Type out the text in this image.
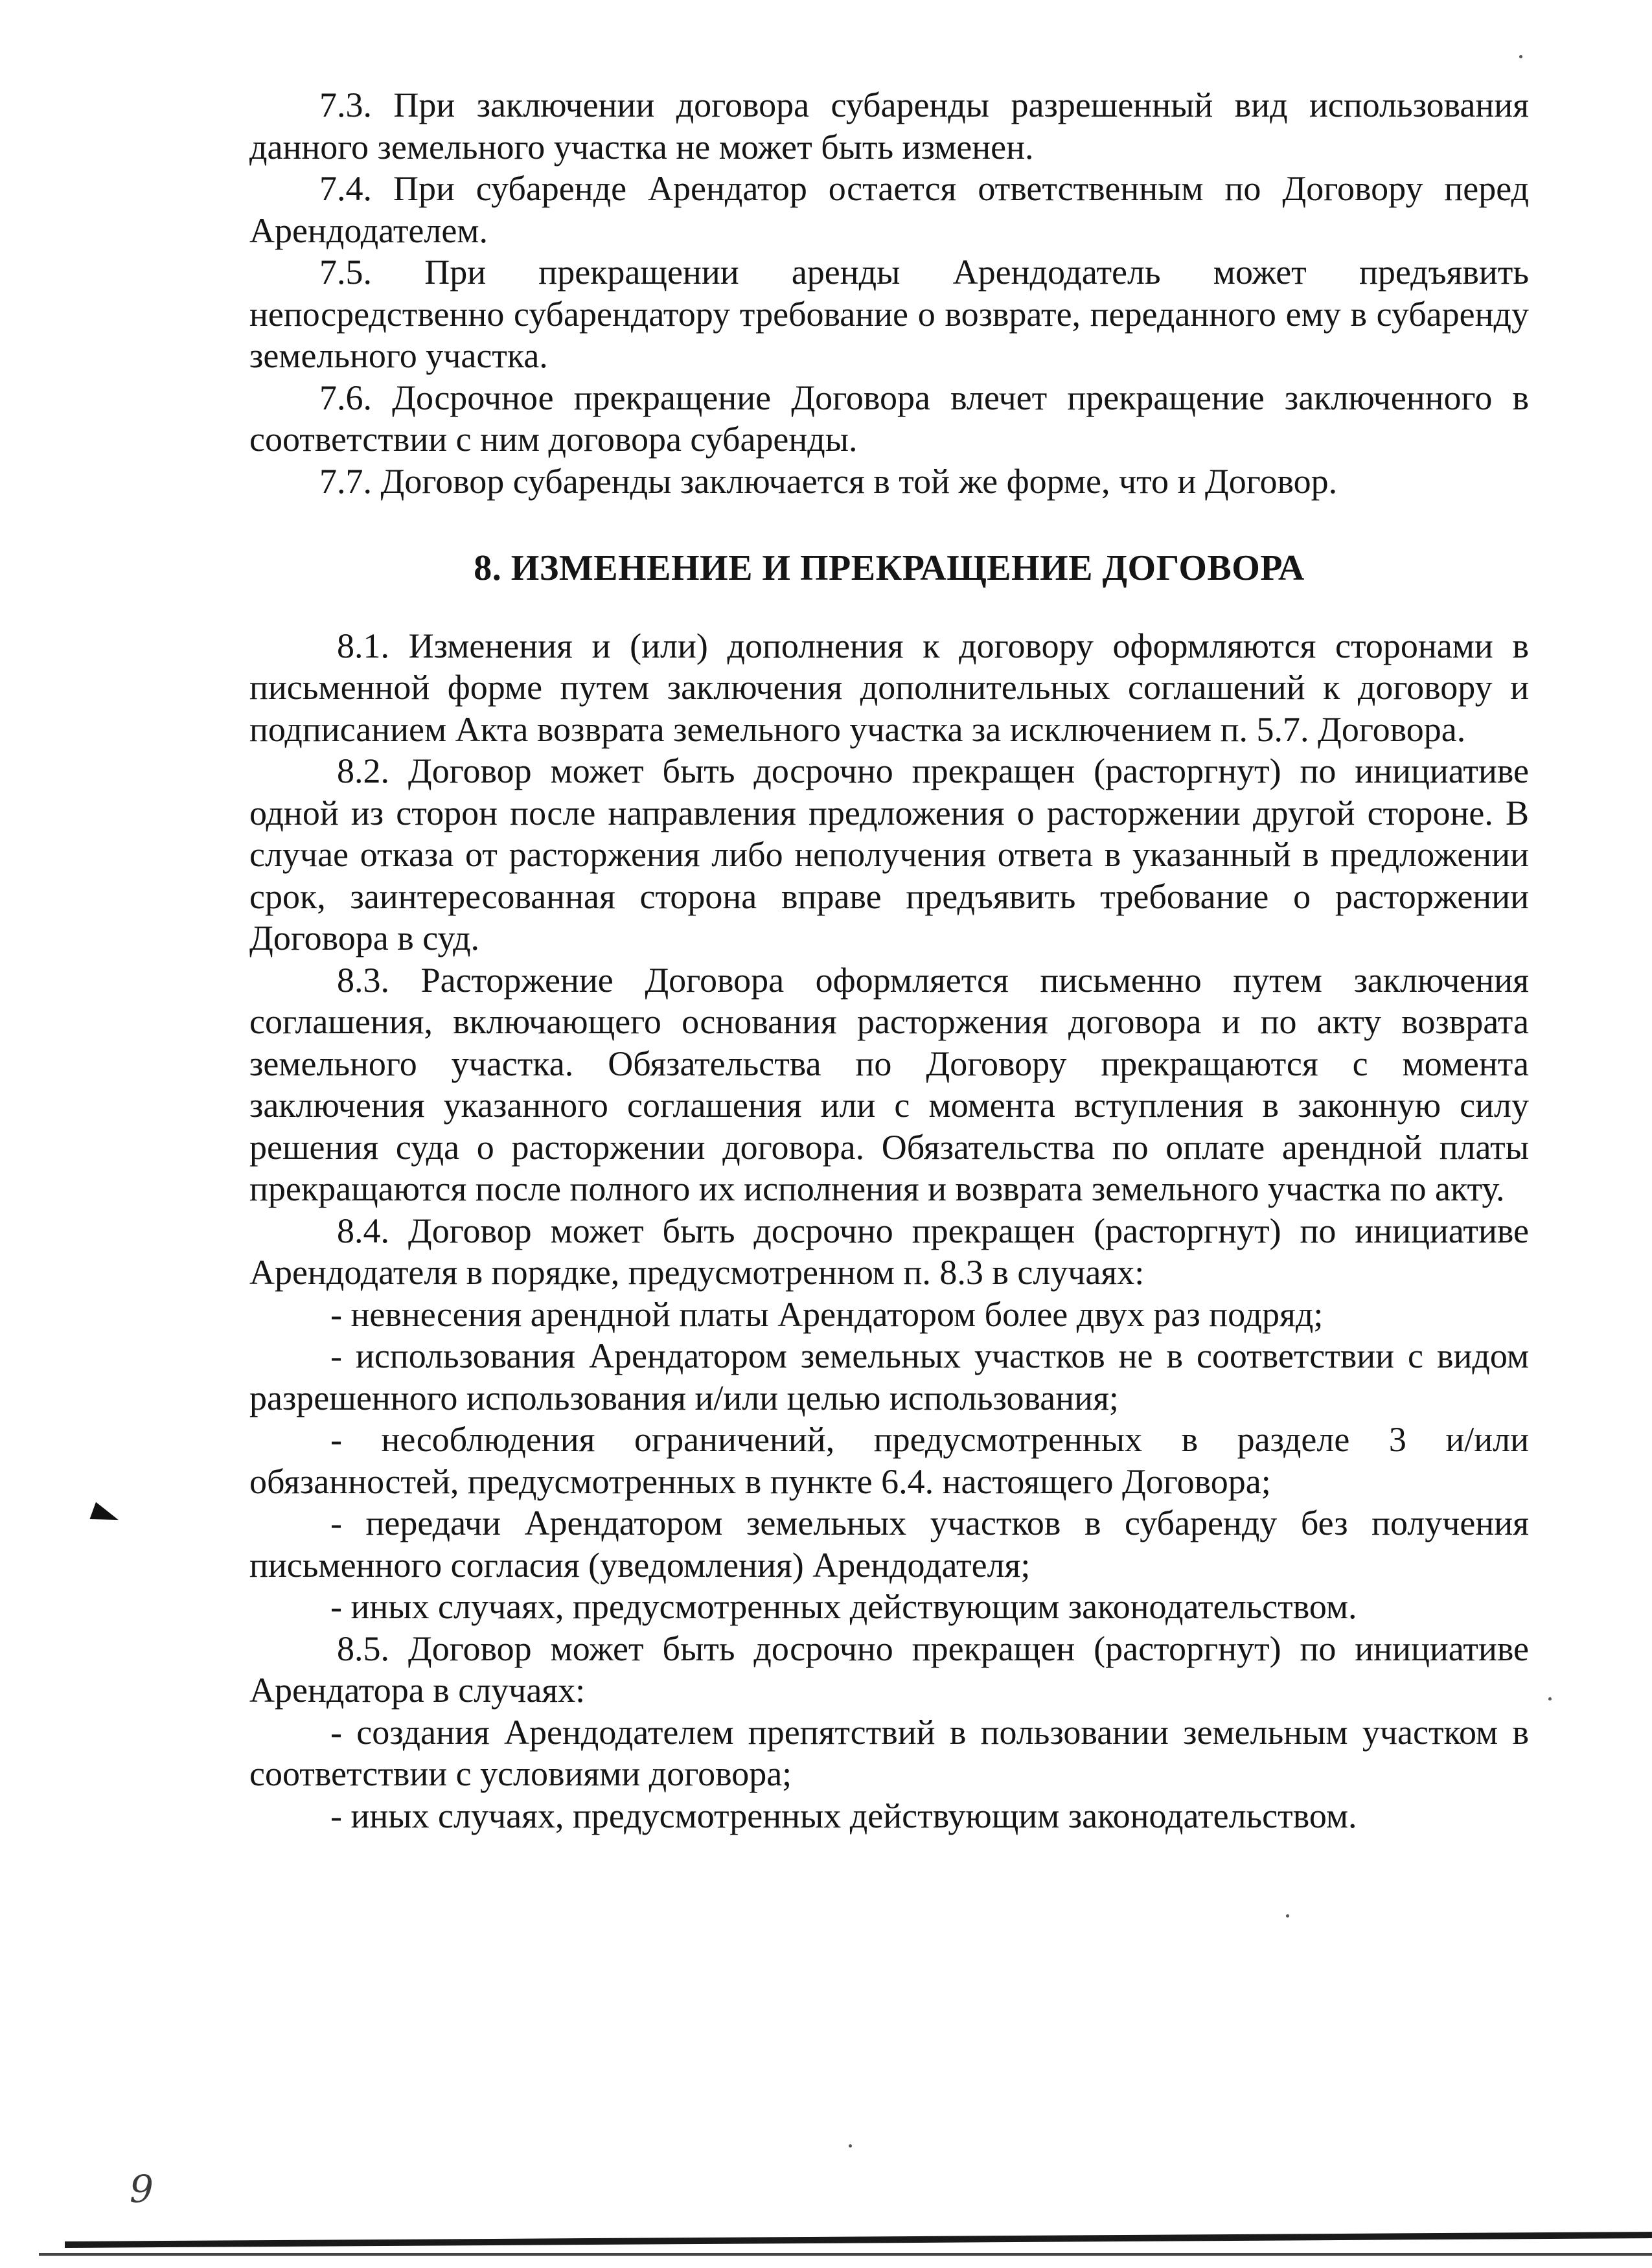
7.3. При заключении договора субаренды разрешенный вид использования данного земельного участка не может быть изменен.

7.4. При субаренде Арендатор остается ответственным по Договору перед Арендодателем.

7.5. При прекращении аренды Арендодатель может предъявить непосредственно субарендатору требование о возврате, переданного ему в субаренду земельного участка.

7.6. Досрочное прекращение Договора влечет прекращение заключенного в соответствии с ним договора субаренды.

7.7. Договор субаренды заключается в той же форме, что и Договор.

8. ИЗМЕНЕНИЕ И ПРЕКРАЩЕНИЕ ДОГОВОРА

8.1. Изменения и (или) дополнения к договору оформляются сторонами в письменной форме путем заключения дополнительных соглашений к договору и подписанием Акта возврата земельного участка за исключением п. 5.7. Договора.

8.2. Договор может быть досрочно прекращен (расторгнут) по инициативе одной из сторон после направления предложения о расторжении другой стороне. В случае отказа от расторжения либо неполучения ответа в указанный в предложении срок, заинтересованная сторона вправе предъявить требование о расторжении Договора в суд.

8.3. Расторжение Договора оформляется письменно путем заключения соглашения, включающего основания расторжения договора и по акту возврата земельного участка. Обязательства по Договору прекращаются с момента заключения указанного соглашения или с момента вступления в законную силу решения суда о расторжении договора. Обязательства по оплате арендной платы прекращаются после полного их исполнения и возврата земельного участка по акту.

8.4. Договор может быть досрочно прекращен (расторгнут) по инициативе Арендодателя в порядке, предусмотренном п. 8.3 в случаях:

- невнесения арендной платы Арендатором более двух раз подряд;

- использования Арендатором земельных участков не в соответствии с видом разрешенного использования и/или целью использования;

- несоблюдения ограничений, предусмотренных в разделе 3 и/или обязанностей, предусмотренных в пункте 6.4. настоящего Договора;

- передачи Арендатором земельных участков в субаренду без получения письменного согласия (уведомления) Арендодателя;

- иных случаях, предусмотренных действующим законодательством.

8.5. Договор может быть досрочно прекращен (расторгнут) по инициативе Арендатора в случаях:

- создания Арендодателем препятствий в пользовании земельным участком в соответствии с условиями договора;

- иных случаях, предусмотренных действующим законодательством.

9
